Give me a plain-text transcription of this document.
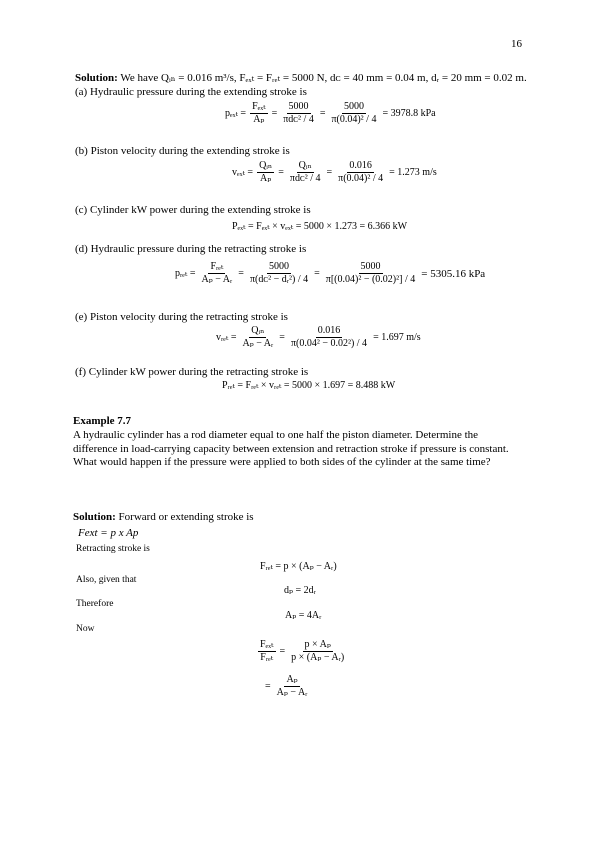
16
Solution: We have Qᵢₙ = 0.016 m³/s, Fₑₓₜ = Fᵣₑₜ = 5000 N, dᴄ = 40 mm = 0.04 m, dᵣ = 20 mm = 0.02 m.
(a) Hydraulic pressure during the extending stroke is
$p_{ext} = \frac{\text{Fₑₓₜ}}{\text{Aₚ}} = \frac{5000}{\text{πdᴄ² / 4}} = \frac{5000}{\text{π(0.04)² / 4}} = 3978.8$ kPa
(b) Piston velocity during the extending stroke is
$v_{ext} = \frac{\text{Qᵢₙ}}{\text{Aₚ}} = \frac{\text{Qᵢₙ}}{\text{πdᴄ² / 4}} = \frac{0.016}{\text{π(0.04)² / 4}} = 1.273$ m/s
(c) Cylinder kW power during the extending stroke is
Pₑₓₜ = Fₑₓₜ × vₑₓₜ = 5000 × 1.273 = 6.366 kW
(d) Hydraulic pressure during the retracting stroke is
pᵣₑₜ = $\frac{\text{Fᵣₑₜ}}{\text{Aₚ − Aᵣ}} = \frac{5000}{\text{π(dᴄ² − dᵣ²) / 4}} = \frac{5000}{\text{π[(0.04)² − (0.02)²] / 4}} = 5305.16$ kPa
(e) Piston velocity during the retracting stroke is
vᵣₑₜ = $\frac{\text{Qᵢₙ}}{\text{Aₚ − Aᵣ}} = \frac{0.016}{\text{π(0.04² − 0.02²) / 4}} = 1.697$ m/s
(f) Cylinder kW power during the retracting stroke is
Pᵣₑₜ = Fᵣₑₜ × vᵣₑₜ = 5000 × 1.697 = 8.488 kW
Example 7.7
A hydraulic cylinder has a rod diameter equal to one half the piston diameter. Determine the difference in load-carrying capacity between extension and retraction stroke if pressure is constant. What would happen if the pressure were applied to both sides of the cylinder at the same time?
Solution: Forward or extending stroke is
Fext = p x Ap
Retracting stroke is
Fᵣₑₜ = p × (Aₚ − Aᵣ)
Also, given that
dₚ = 2dᵣ
Therefore
Aₚ = 4Aᵣ
Now
$\frac{\text{Fₑₓₜ}}{\text{Fᵣₑₜ}} = \frac{\text{p × Aₚ}}{\text{p × (Aₚ − Aᵣ)}}$
= $\frac{\text{Aₚ}}{\text{Aₚ − Aᵣ}}$
